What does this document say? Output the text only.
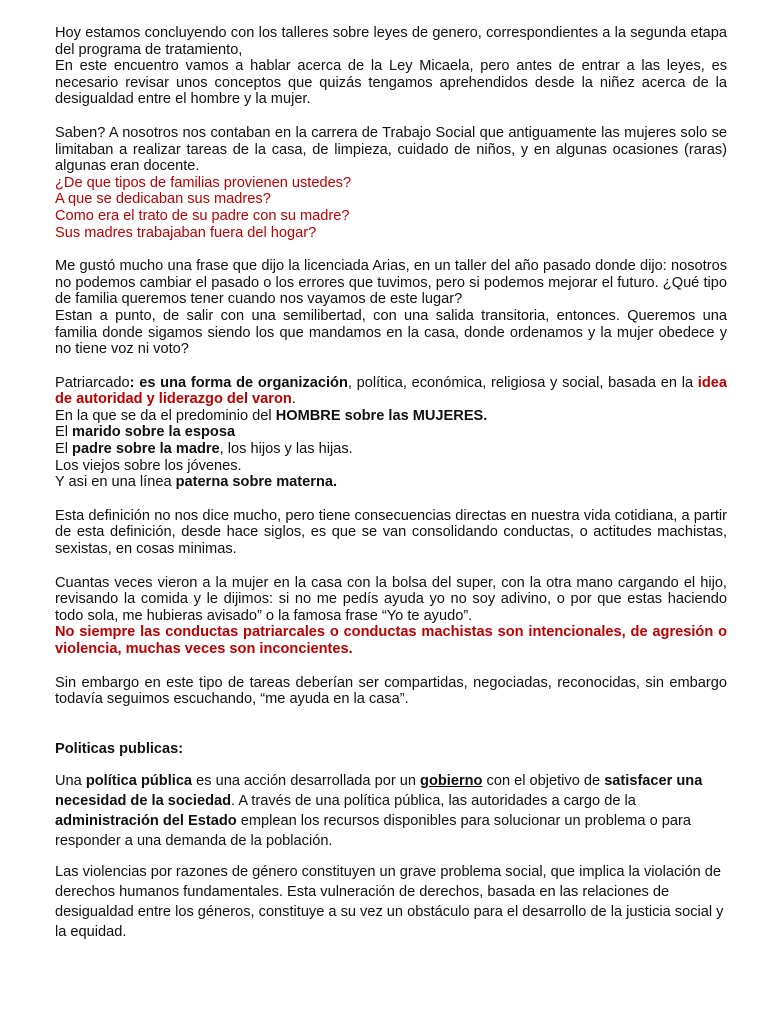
Hoy estamos concluyendo con los talleres sobre leyes de genero, correspondientes a la segunda etapa del programa de tratamiento,
En este encuentro vamos a hablar acerca de la Ley Micaela, pero antes de entrar a las leyes, es necesario revisar unos conceptos que quizás tengamos aprehendidos desde la niñez acerca de la desigualdad entre el hombre y la mujer.
Saben? A nosotros nos contaban en la carrera de Trabajo Social que antiguamente las mujeres solo se limitaban a realizar tareas de la casa, de limpieza, cuidado de niños, y en algunas ocasiones (raras) algunas eran docente.
¿De que tipos de familias provienen ustedes?
A que se dedicaban sus madres?
Como era el trato de su padre con su madre?
Sus madres trabajaban fuera del hogar?
Me gustó mucho una frase que dijo la licenciada Arias, en un taller del año pasado donde dijo: nosotros no podemos cambiar el pasado o los errores que tuvimos, pero si podemos mejorar el futuro. ¿Qué tipo de familia queremos tener cuando nos vayamos de este lugar?
Estan a punto, de salir con una semilibertad, con una salida transitoria, entonces. Queremos una familia donde sigamos siendo los que mandamos en la casa, donde ordenamos y la mujer obedece y no tiene voz ni voto?
Patriarcado: es una forma de organización, política, económica, religiosa y social, basada en la idea de autoridad y liderazgo del varon.
En la que se da el predominio del HOMBRE sobre las MUJERES.
El marido sobre la esposa
El padre sobre la madre, los hijos y las hijas.
Los viejos sobre los jóvenes.
Y asi en una línea paterna sobre materna.
Esta definición no nos dice mucho, pero tiene consecuencias directas en nuestra vida cotidiana, a partir de esta definición, desde hace siglos, es que se van consolidando conductas, o actitudes machistas, sexistas, en cosas minimas.
Cuantas veces vieron a la mujer en la casa con la bolsa del super, con la otra mano cargando el hijo, revisando la comida y le dijimos: si no me pedís ayuda yo no soy adivino, o por que estas haciendo todo sola, me hubieras avisado” o la famosa frase “Yo te ayudo”.
No siempre las conductas patriarcales o conductas machistas son intencionales, de agresión o violencia, muchas veces son inconcientes.
Sin embargo en este tipo de tareas deberían ser compartidas, negociadas, reconocidas, sin embargo todavía seguimos escuchando, “me ayuda en la casa”.
Politicas publicas:

Una política pública es una acción desarrollada por un gobierno con el objetivo de satisfacer una necesidad de la sociedad. A través de una política pública, las autoridades a cargo de la administración del Estado emplean los recursos disponibles para solucionar un problema o para responder a una demanda de la población.

Las violencias por razones de género constituyen un grave problema social, que implica la violación de derechos humanos fundamentales. Esta vulneración de derechos, basada en las relaciones de desigualdad entre los géneros, constituye a su vez un obstáculo para el desarrollo de la justicia social y la equidad.
